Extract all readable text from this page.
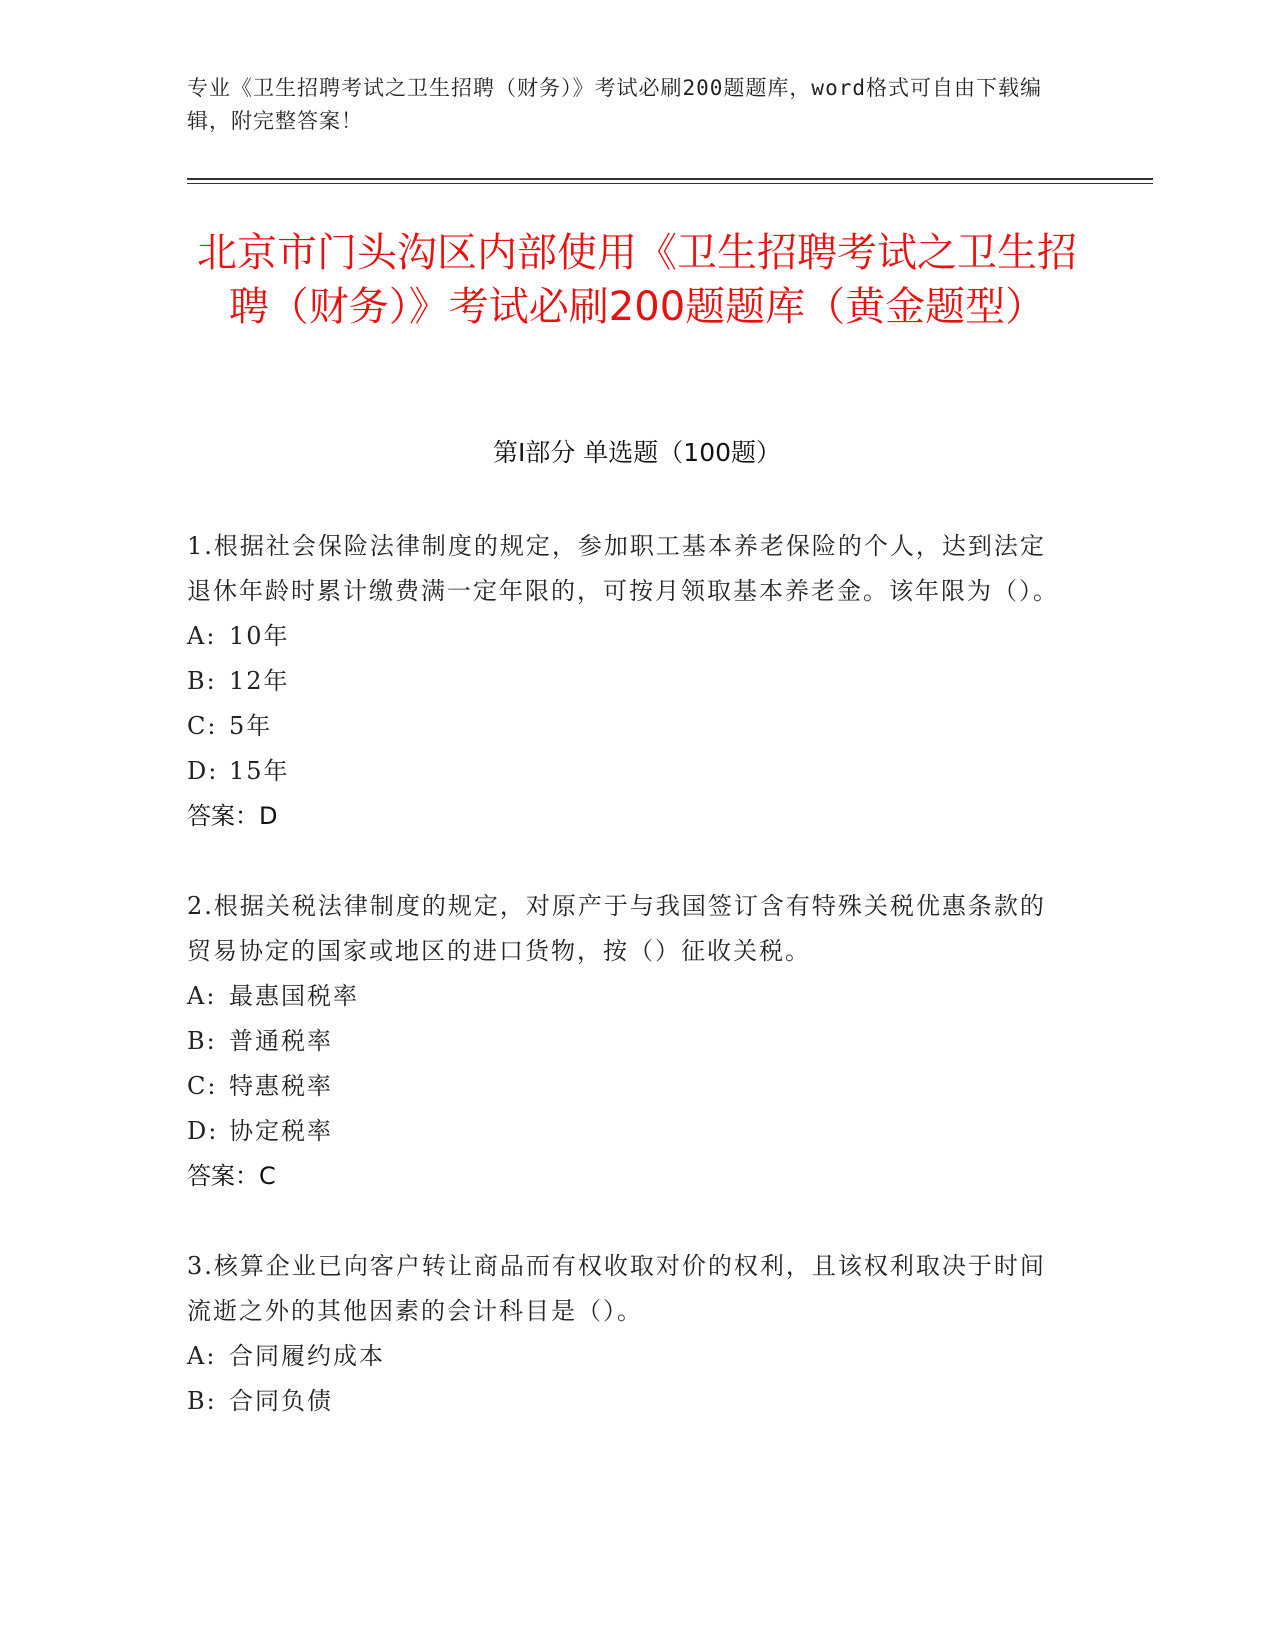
专业《卫生招聘考试之卫生招聘（财务）》考试必刷200题题库，word格式可自由下载编辑，附完整答案！
北京市门头沟区内部使用《卫生招聘考试之卫生招聘（财务）》考试必刷200题题库（黄金题型）
第I部分 单选题（100题）
1.根据社会保险法律制度的规定，参加职工基本养老保险的个人，达到法定退休年龄时累计缴费满一定年限的，可按月领取基本养老金。该年限为（）。
A: 10年
B: 12年
C: 5年
D: 15年
答案：D
2.根据关税法律制度的规定，对原产于与我国签订含有特殊关税优惠条款的贸易协定的国家或地区的进口货物，按（）征收关税。
A: 最惠国税率
B: 普通税率
C: 特惠税率
D: 协定税率
答案：C
3.核算企业已向客户转让商品而有权收取对价的权利，且该权利取决于时间流逝之外的其他因素的会计科目是（）。
A: 合同履约成本
B: 合同负债
